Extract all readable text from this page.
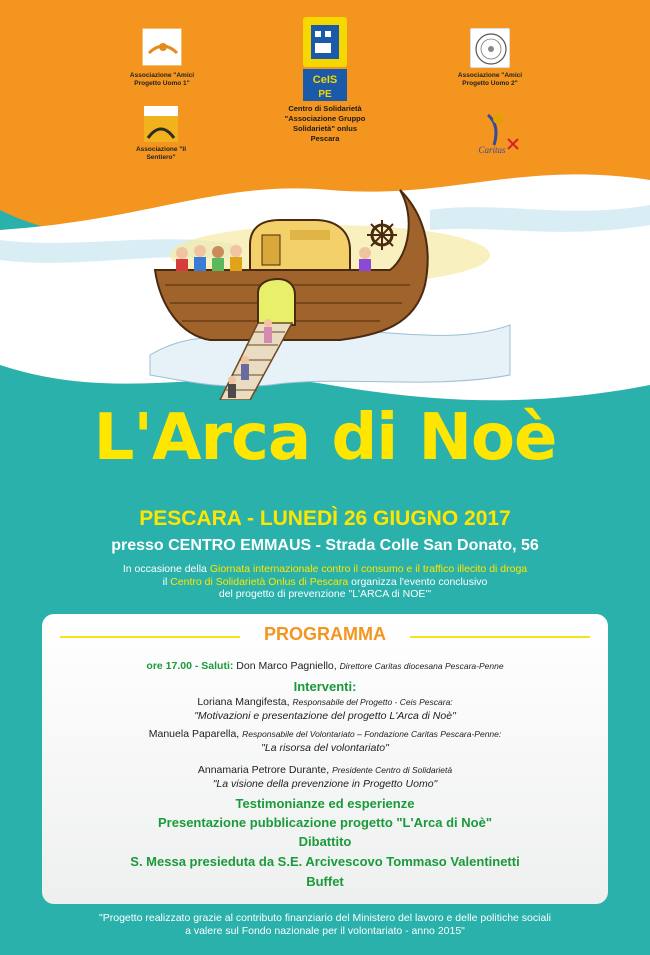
Associazione "Amici Progetto Uomo 1"
Associazione "Amici Progetto Uomo 2"
Associazione "Il Sentiero"
CeIS
PE
Centro di Solidarietà
"Associazione Gruppo
Solidarietà" onlus
Pescara
Caritas
L'Arca di Noè
PESCARA - LUNEDÌ 26 GIUGNO 2017
presso CENTRO EMMAUS - Strada Colle San Donato, 56
In occasione della Giornata internazionale contro il consumo e il traffico illecito di droga
il Centro di Solidarietà Onlus di Pescara organizza l'evento conclusivo
del progetto di prevenzione "L'ARCA di NOE'"
PROGRAMMA
ore 17.00 - Saluti: Don Marco Pagniello, Direttore Caritas diocesana Pescara-Penne
Interventi:
Loriana Mangifesta, Responsabile del Progetto - Ceis Pescara:
"Motivazioni e presentazione del progetto L'Arca di Noè"
Manuela Paparella, Responsabile del Volontariato – Fondazione Caritas Pescara-Penne:
"La risorsa del volontariato"
Annamaria Petrore Durante, Presidente Centro di Solidarietà
"La visione della prevenzione in Progetto Uomo"
Testimonianze ed esperienze
Presentazione pubblicazione progetto "L'Arca di Noè"
Dibattito
S. Messa presieduta da S.E. Arcivescovo Tommaso Valentinetti
Buffet
"Progetto realizzato grazie al contributo finanziario del Ministero del lavoro e delle politiche sociali
a valere sul Fondo nazionale per il volontariato - anno 2015"
